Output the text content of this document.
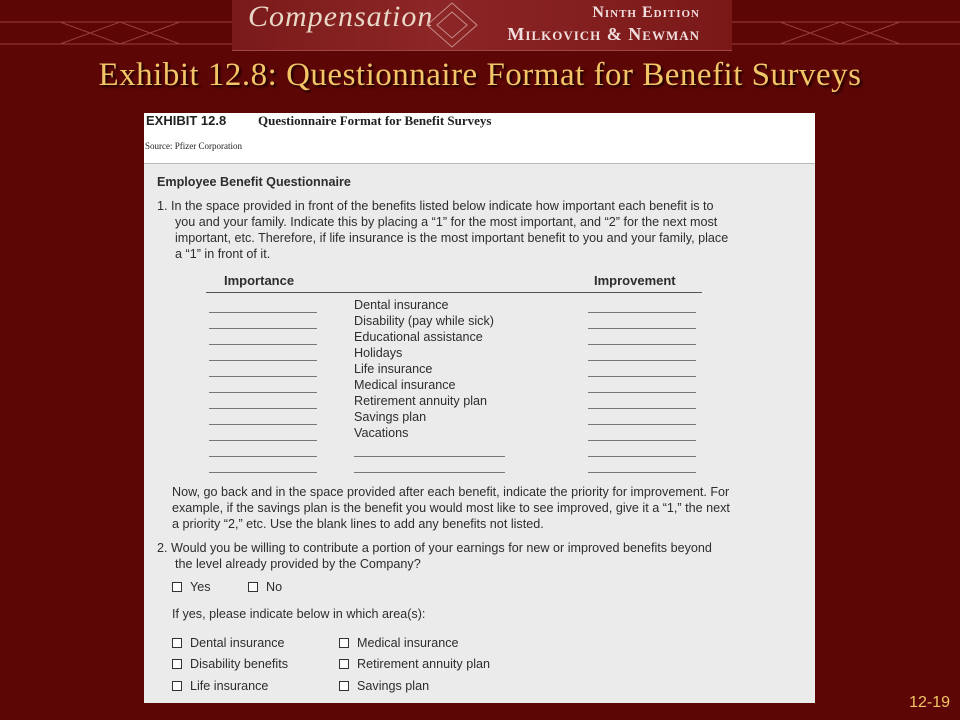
Compensation	Ninth Edition
Milkovich & Newman
Exhibit 12.8: Questionnaire Format for Benefit Surveys
EXHIBIT 12.8 Questionnaire Format for Benefit Surveys
Source: Pfizer Corporation
Employee Benefit Questionnaire
1. In the space provided in front of the benefits listed below indicate how important each benefit is to
you and your family. Indicate this by placing a “1” for the most important, and “2” for the next most
important, etc. Therefore, if life insurance is the most important benefit to you and your family, place
a “1” in front of it.
Importance	Improvement
Dental insurance
Disability (pay while sick)
Educational assistance
Holidays
Life insurance
Medical insurance
Retirement annuity plan
Savings plan
Vacations
Now, go back and in the space provided after each benefit, indicate the priority for improvement. For
example, if the savings plan is the benefit you would most like to see improved, give it a “1,” the next
a priority “2,” etc. Use the blank lines to add any benefits not listed.
2. Would you be willing to contribute a portion of your earnings for new or improved benefits beyond
the level already provided by the Company?
Yes	No
If yes, please indicate below in which area(s):
Dental insurance
Disability benefits
Life insurance
Medical insurance
Retirement annuity plan
Savings plan
12-19
